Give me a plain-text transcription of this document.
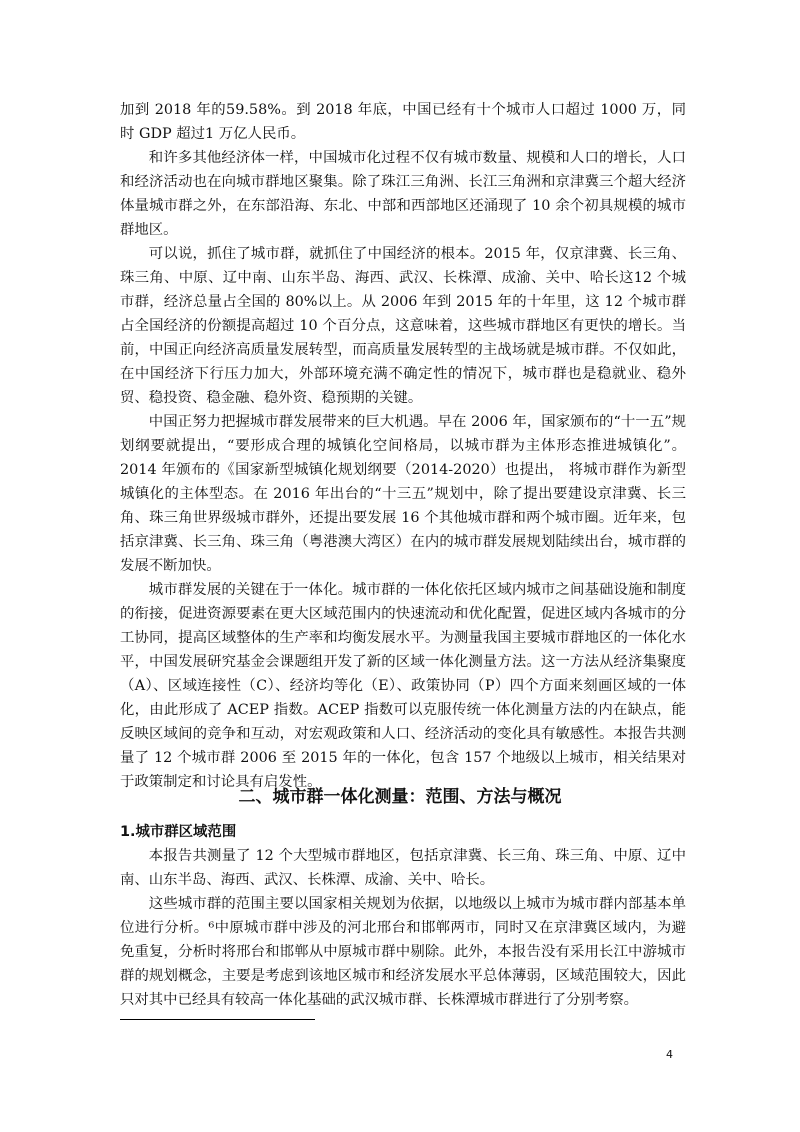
加到 2018 年的59.58%。到 2018 年底，中国已经有十个城市人口超过 1000 万，同时 GDP 超过1 万亿人民币。

和许多其他经济体一样，中国城市化过程不仅有城市数量、规模和人口的增长，人口和经济活动也在向城市群地区聚集。除了珠江三角洲、长江三角洲和京津冀三个超大经济体量城市群之外，在东部沿海、东北、中部和西部地区还涌现了 10 余个初具规模的城市群地区。

可以说，抓住了城市群，就抓住了中国经济的根本。2015 年，仅京津冀、长三角、珠三角、中原、辽中南、山东半岛、海西、武汉、长株潭、成渝、关中、哈长这12 个城市群，经济总量占全国的 80%以上。从 2006 年到 2015 年的十年里，这 12 个城市群占全国经济的份额提高超过 10 个百分点，这意味着，这些城市群地区有更快的增长。当前，中国正向经济高质量发展转型，而高质量发展转型的主战场就是城市群。不仅如此，在中国经济下行压力加大，外部环境充满不确定性的情况下，城市群也是稳就业、稳外贸、稳投资、稳金融、稳外资、稳预期的关键。

中国正努力把握城市群发展带来的巨大机遇。早在 2006 年，国家颁布的“十一五”规划纲要就提出，“要形成合理的城镇化空间格局，以城市群为主体形态推进城镇化”。2014 年颁布的《国家新型城镇化规划纲要（2014-2020）也提出， 将城市群作为新型城镇化的主体型态。在 2016 年出台的“十三五”规划中，除了提出要建设京津冀、长三角、珠三角世界级城市群外，还提出要发展 16 个其他城市群和两个城市圈。近年来，包括京津冀、长三角、珠三角（粤港澳大湾区）在内的城市群发展规划陆续出台，城市群的发展不断加快。

城市群发展的关键在于一体化。城市群的一体化依托区域内城市之间基础设施和制度的衔接，促进资源要素在更大区域范围内的快速流动和优化配置，促进区域内各城市的分工协同，提高区域整体的生产率和均衡发展水平。为测量我国主要城市群地区的一体化水平，中国发展研究基金会课题组开发了新的区域一体化测量方法。这一方法从经济集聚度（A）、区域连接性（C）、经济均等化（E）、政策协同（P）四个方面来刻画区域的一体化，由此形成了 ACEP 指数。ACEP 指数可以克服传统一体化测量方法的内在缺点，能反映区域间的竞争和互动，对宏观政策和人口、经济活动的变化具有敏感性。本报告共测量了 12 个城市群 2006 至 2015 年的一体化，包含 157 个地级以上城市，相关结果对于政策制定和讨论具有启发性。

二、城市群一体化测量：范围、方法与概况
1.城市群区域范围

本报告共测量了 12 个大型城市群地区，包括京津冀、长三角、珠三角、中原、辽中南、山东半岛、海西、武汉、长株潭、成渝、关中、哈长。

这些城市群的范围主要以国家相关规划为依据，以地级以上城市为城市群内部基本单位进行分析。⁶中原城市群中涉及的河北邢台和邯郸两市，同时又在京津冀区域内，为避免重复，分析时将邢台和邯郸从中原城市群中剔除。此外，本报告没有采用长江中游城市群的规划概念，主要是考虑到该地区城市和经济发展水平总体薄弱，区域范围较大，因此只对其中已经具有较高一体化基础的武汉城市群、长株潭城市群进行了分别考察。

4
